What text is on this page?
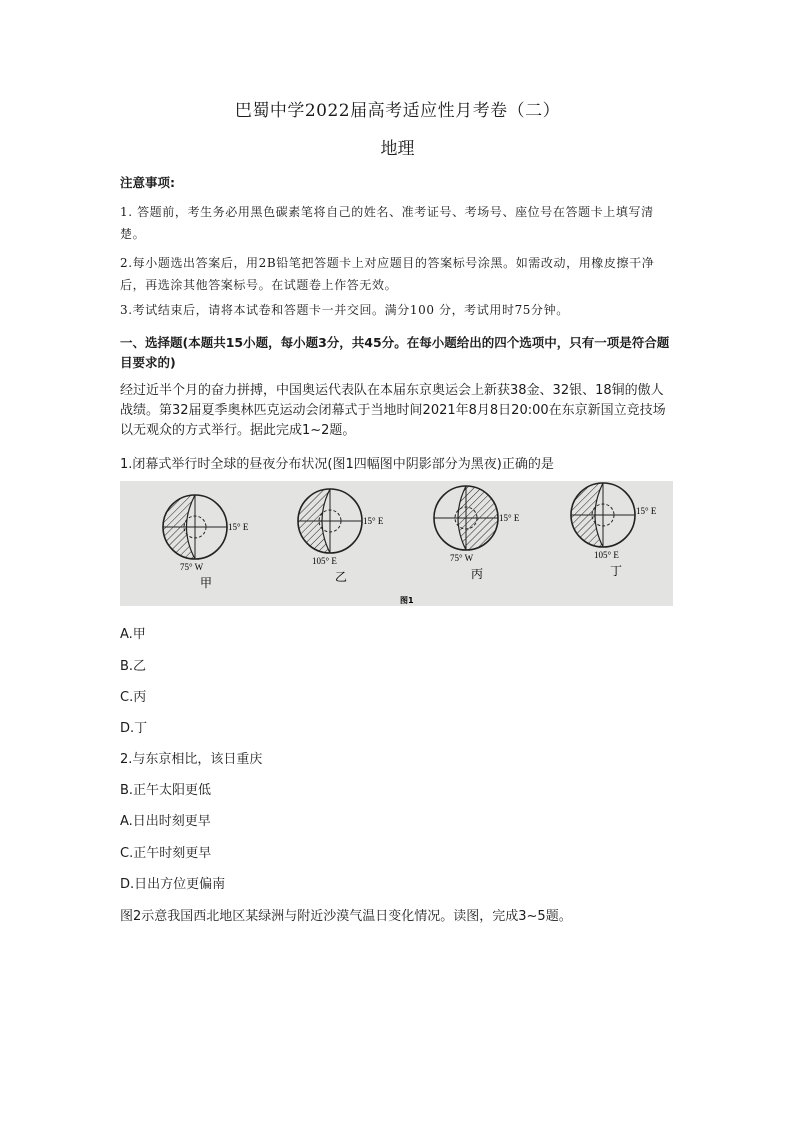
巴蜀中学2022届高考适应性月考卷（二）
地理
注意事项:

1. 答题前，考生务必用黑色碳素笔将自己的姓名、准考证号、考场号、座位号在答题卡上填写清楚。

2.每小题选出答案后，用2B铅笔把答题卡上对应题目的答案标号涂黑。如需改动，用橡皮擦干净后，再选涂其他答案标号。在试题卷上作答无效。

3.考试结束后，请将本试卷和答题卡一并交回。满分100 分，考试用时75分钟。

一、选择题(本题共15小题，每小题3分，共45分。在每小题给出的四个选项中，只有一项是符合题目要求的)

经过近半个月的奋力拼搏，中国奥运代表队在本届东京奥运会上新获38金、32银、18铜的傲人战绩。第32届夏季奥林匹克运动会闭幕式于当地时间2021年8月8日20:00在东京新国立竞技场以无观众的方式举行。据此完成1~2题。

1.闭幕式举行时全球的昼夜分布状况(图1四幅图中阴影部分为黑夜)正确的是

15° E
75° W
甲
15° E
105° E
乙
15° E
75° W
丙
15° E
105° E
丁
图1
A.甲
B.乙
C.丙
D.丁

2.与东京相比，该日重庆

B.正午太阳更低
A.日出时刻更早
C.正午时刻更早
D.日出方位更偏南

图2示意我国西北地区某绿洲与附近沙漠气温日变化情况。读图，完成3~5题。
